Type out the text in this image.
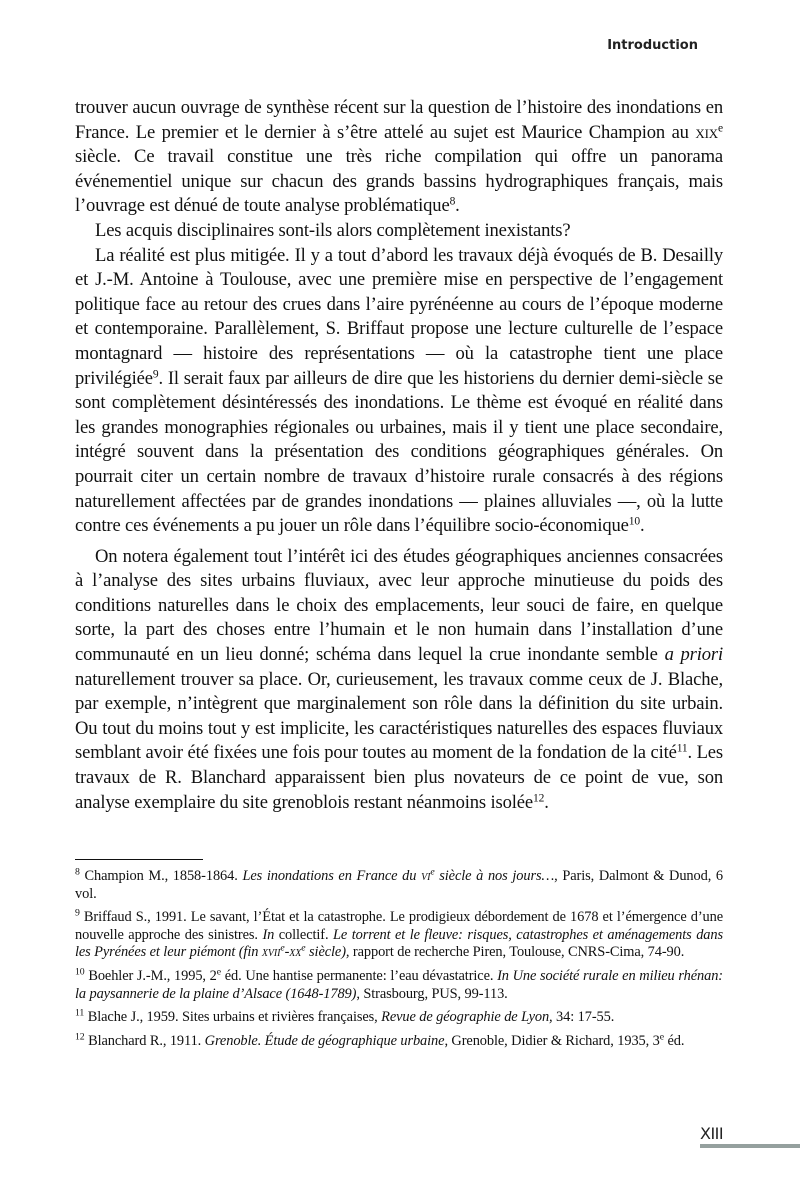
Introduction

trouver aucun ouvrage de synthèse récent sur la question de l’histoire des inondations en France. Le premier et le dernier à s’être attelé au sujet est Maurice Champion au xix$^e$ siècle. Ce travail constitue une très riche compilation qui offre un panorama événementiel unique sur chacun des grands bassins hydrographiques français, mais l’ouvrage est dénué de toute analyse problématique$^8$.

Les acquis disciplinaires sont-ils alors complètement inexistants?

La réalité est plus mitigée. Il y a tout d’abord les travaux déjà évoqués de B. Desailly et J.-M. Antoine à Toulouse, avec une première mise en perspective de l’engagement politique face au retour des crues dans l’aire pyrénéenne au cours de l’époque moderne et contemporaine. Parallèlement, S. Briffaut propose une lecture culturelle de l’espace montagnard — histoire des représentations — où la catastrophe tient une place privilégiée$^9$. Il serait faux par ailleurs de dire que les historiens du dernier demi-siècle se sont complètement désintéressés des inondations. Le thème est évoqué en réalité dans les grandes monographies régionales ou urbaines, mais il y tient une place secondaire, intégré souvent dans la présentation des conditions géographiques générales. On pourrait citer un certain nombre de travaux d’histoire rurale consacrés à des régions naturellement affectées par de grandes inondations — plaines alluviales —, où la lutte contre ces événements a pu jouer un rôle dans l’équilibre socio-économique$^{10}$.

On notera également tout l’intérêt ici des études géographiques anciennes consacrées à l’analyse des sites urbains fluviaux, avec leur approche minutieuse du poids des conditions naturelles dans le choix des emplacements, leur souci de faire, en quelque sorte, la part des choses entre l’humain et le non humain dans l’installation d’une communauté en un lieu donné; schéma dans lequel la crue inondante semble a priori naturellement trouver sa place. Or, curieusement, les travaux comme ceux de J. Blache, par exemple, n’intègrent que marginalement son rôle dans la définition du site urbain. Ou tout du moins tout y est implicite, les caractéristiques naturelles des espaces fluviaux semblant avoir été fixées une fois pour toutes au moment de la fondation de la cité$^{11}$. Les travaux de R. Blanchard apparaissent bien plus novateurs de ce point de vue, son analyse exemplaire du site grenoblois restant néanmoins isolée$^{12}$.

$^8$ Champion M., 1858-1864. Les inondations en France du $vi^e$ siècle à nos jours…, Paris, Dalmont & Dunod, 6 vol.

$^9$ Briffaud S., 1991. Le savant, l’État et la catastrophe. Le prodigieux débordement de 1678 et l’émergence d’une nouvelle approche des sinistres. In collectif. Le torrent et le fleuve: risques, catastrophes et aménagements dans les Pyrénées et leur piémont (fin $xvii^e-xx^e$ siècle), rapport de recherche Piren, Toulouse, CNRS-Cima, 74-90.

$^{10}$ Boehler J.-M., 1995, 2e éd. Une hantise permanente: l’eau dévastatrice. In Une société rurale en milieu rhénan: la paysannerie de la plaine d’Alsace (1648-1789), Strasbourg, PUS, 99-113.

$^{11}$ Blache J., 1959. Sites urbains et rivières françaises, Revue de géographie de Lyon, 34: 17-55.

$^{12}$ Blanchard R., 1911. Grenoble. Étude de géographique urbaine, Grenoble, Didier & Richard, 1935, 3e éd.

XIII
